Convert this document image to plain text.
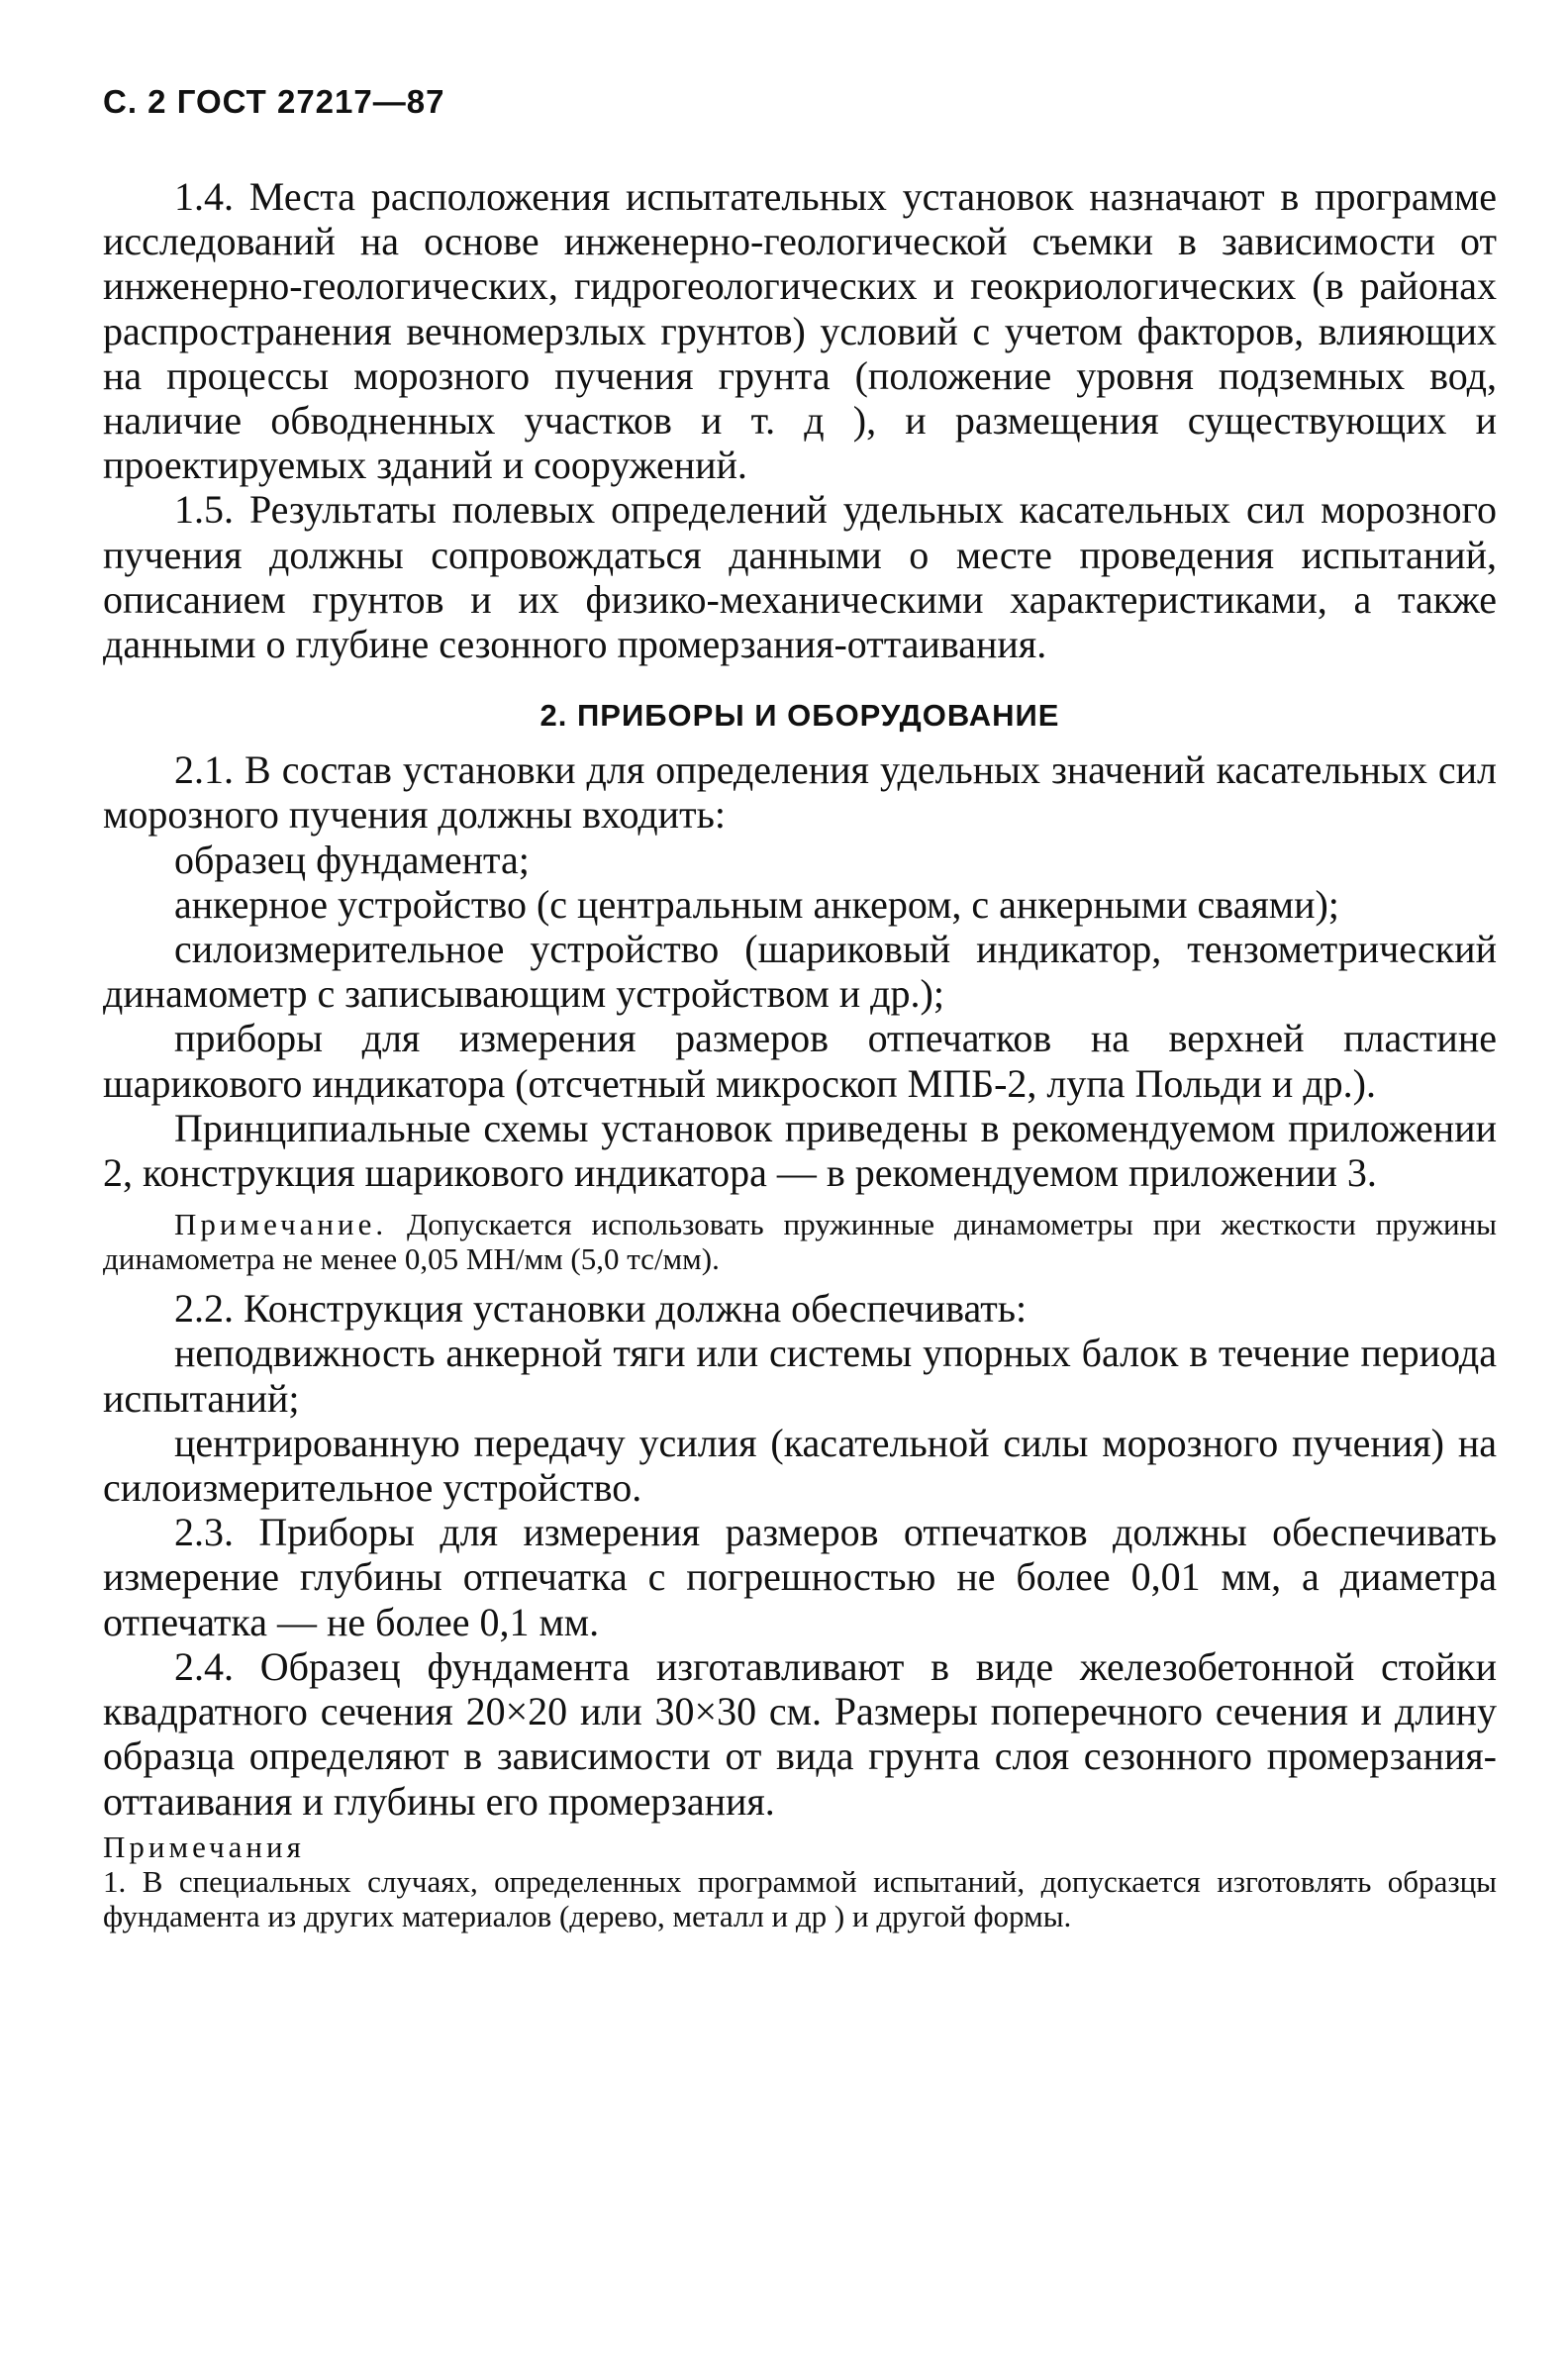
С. 2 ГОСТ 27217—87

1.4. Места расположения испытательных установок назначают в программе исследований на основе инженерно-геологической съемки в зависимости от инженерно-геологических, гидрогеологических и геокриологических (в районах распространения вечномерзлых грунтов) условий с учетом факторов, влияющих на процессы морозного пучения грунта (положение уровня подземных вод, наличие обводненных участков и т. д ), и размещения существующих и проектируемых зданий и сооружений.

1.5. Результаты полевых определений удельных касательных сил морозного пучения должны сопровождаться данными о месте проведения испытаний, описанием грунтов и их физико-механическими характеристиками, а также данными о глубине сезонного промерзания-оттаивания.

2. ПРИБОРЫ И ОБОРУДОВАНИЕ

2.1. В состав установки для определения удельных значений касательных сил морозного пучения должны входить:

образец фундамента;

анкерное устройство (с центральным анкером, с анкерными сваями);

силоизмерительное устройство (шариковый индикатор, тензометрический динамометр с записывающим устройством и др.);

приборы для измерения размеров отпечатков на верхней пластине шарикового индикатора (отсчетный микроскоп МПБ-2, лупа Польди и др.).

Принципиальные схемы установок приведены в рекомендуемом приложении 2, конструкция шарикового индикатора — в рекомендуемом приложении 3.

Примечание. Допускается использовать пружинные динамометры при жесткости пружины динамометра не менее 0,05 МН/мм (5,0 тс/мм).

2.2. Конструкция установки должна обеспечивать:

неподвижность анкерной тяги или системы упорных балок в течение периода испытаний;

центрированную передачу усилия (касательной силы морозного пучения) на силоизмерительное устройство.

2.3. Приборы для измерения размеров отпечатков должны обеспечивать измерение глубины отпечатка с погрешностью не более 0,01 мм, а диаметра отпечатка — не более 0,1 мм.

2.4. Образец фундамента изготавливают в виде железобетонной стойки квадратного сечения 20×20 или 30×30 см. Размеры поперечного сечения и длину образца определяют в зависимости от вида грунта слоя сезонного промерзания-оттаивания и глубины его промерзания.

Примечания

1. В специальных случаях, определенных программой испытаний, допускается изготовлять образцы фундамента из других материалов (дерево, металл и др ) и другой формы.
